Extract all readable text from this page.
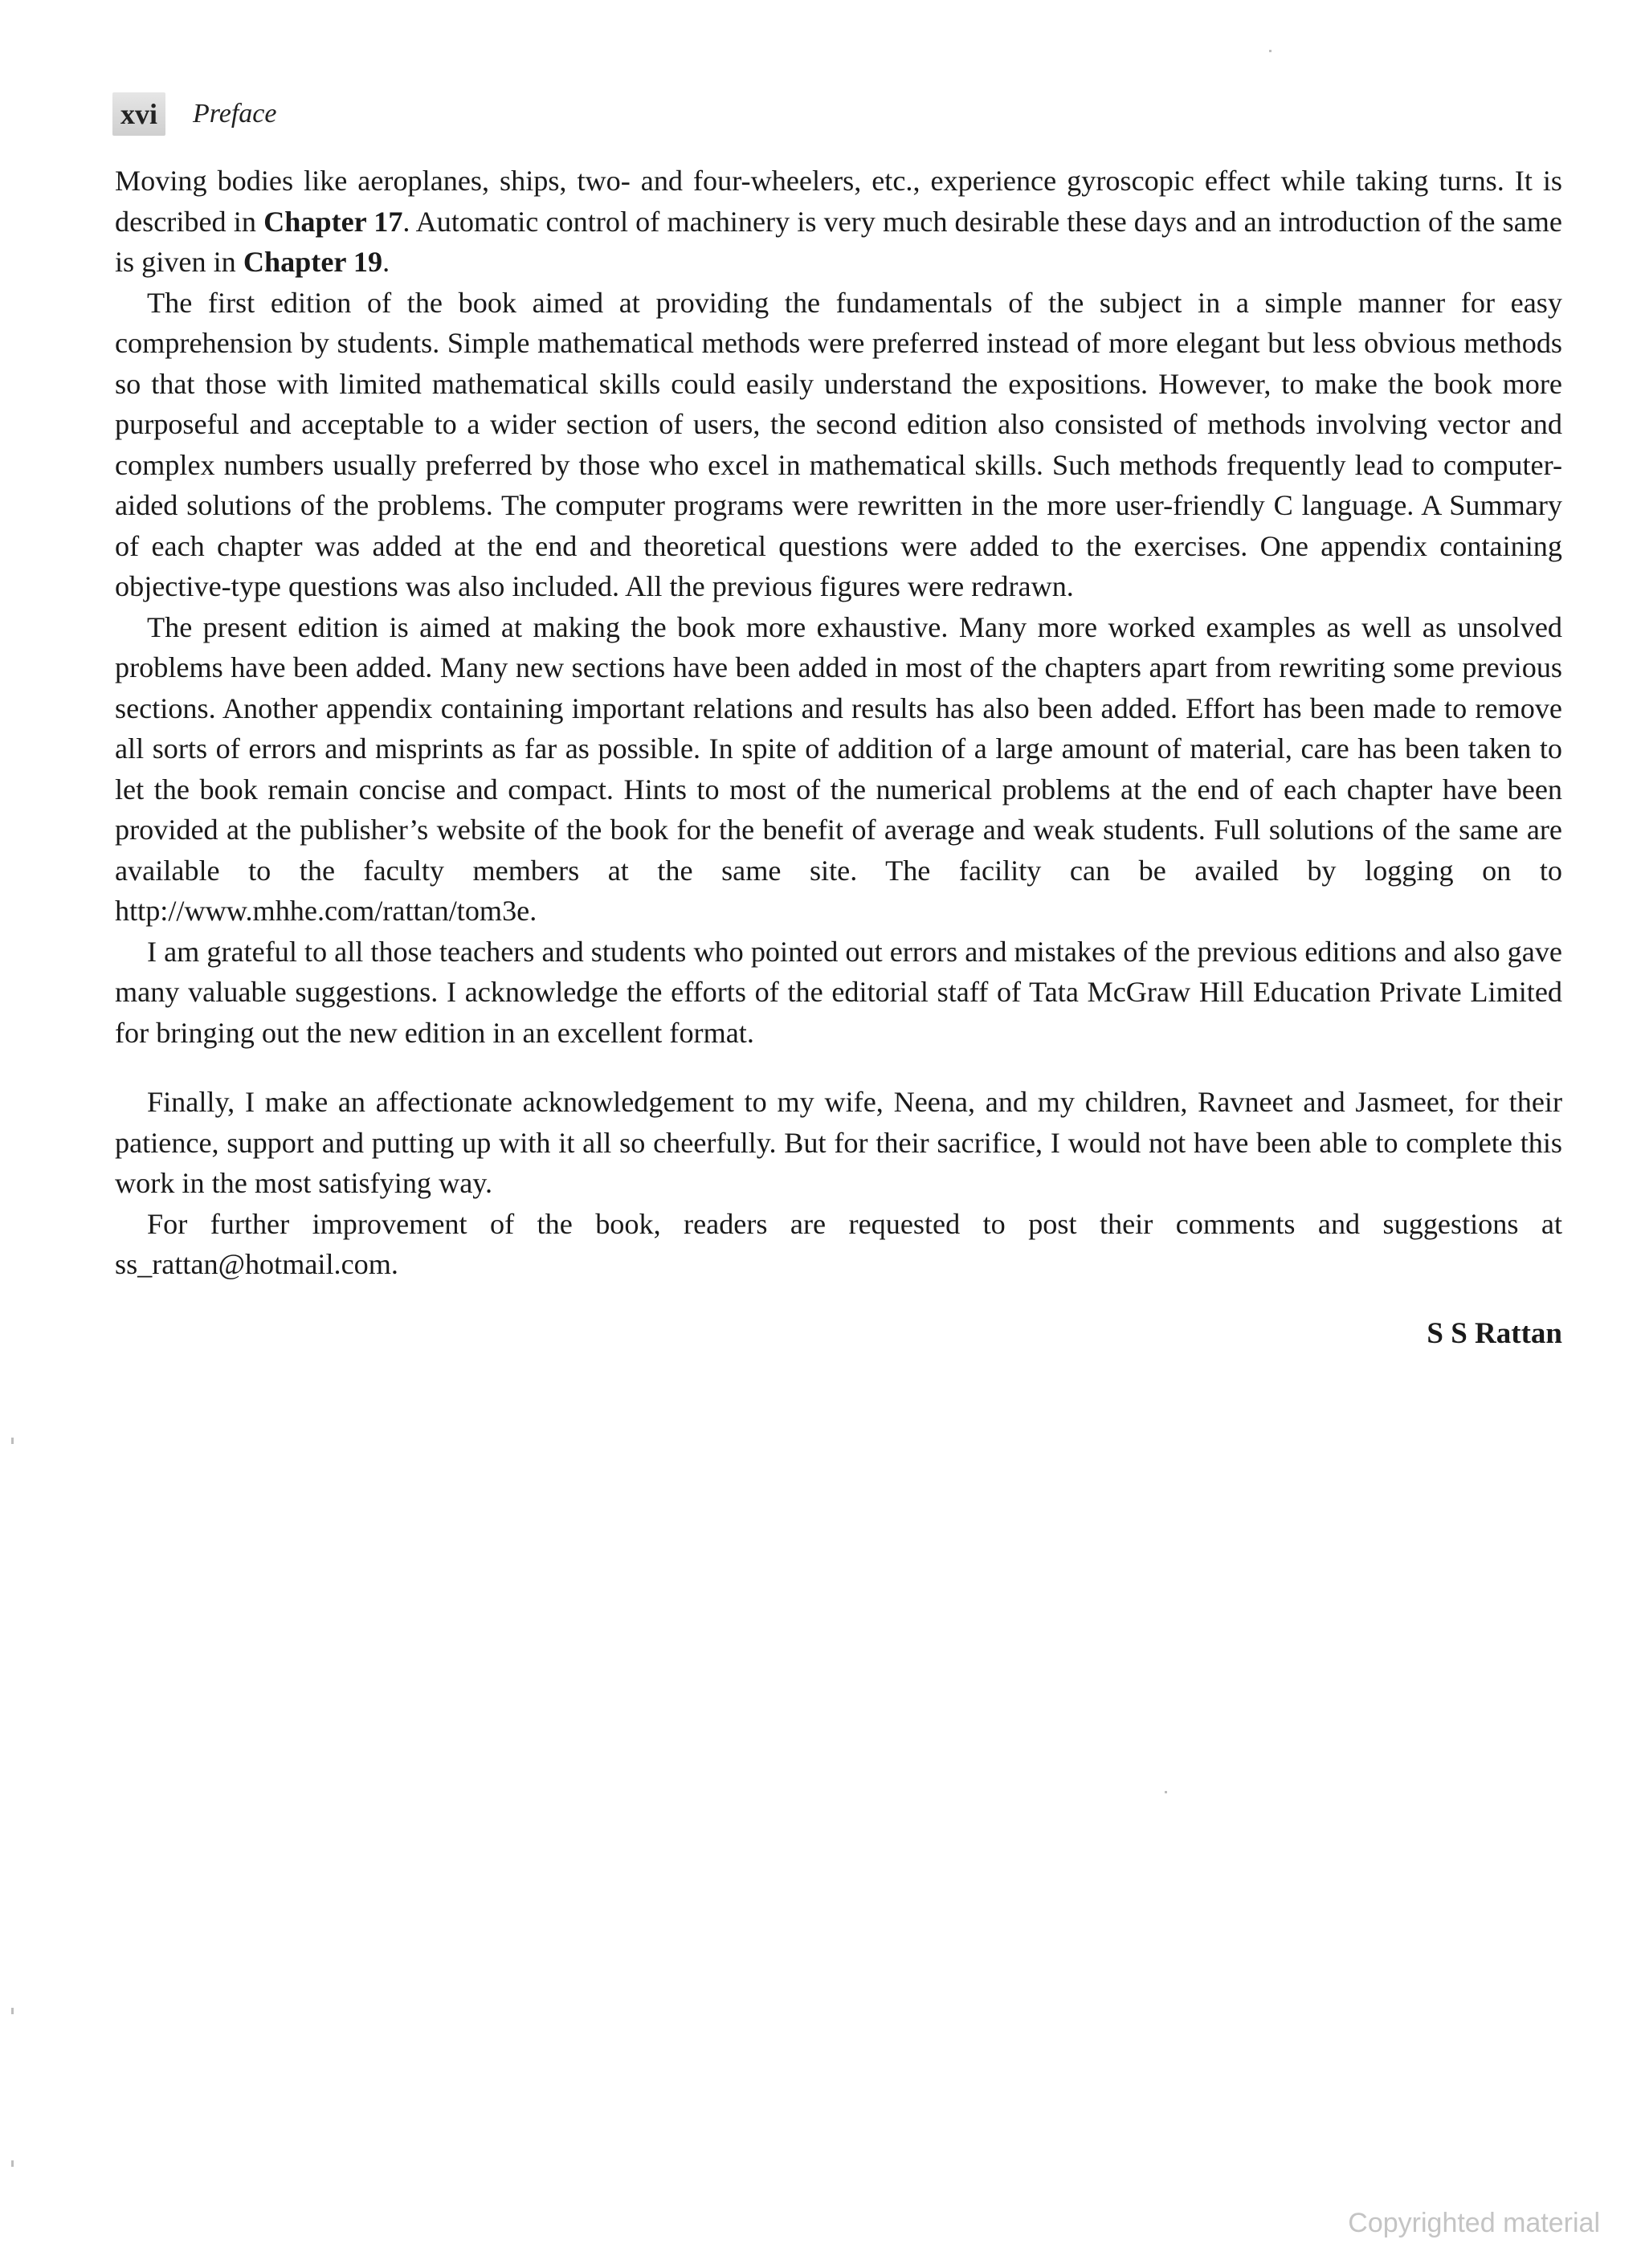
xvi Preface

Moving bodies like aeroplanes, ships, two- and four-wheelers, etc., experience gyroscopic effect while taking turns. It is described in Chapter 17. Automatic control of machinery is very much desirable these days and an introduction of the same is given in Chapter 19.

The first edition of the book aimed at providing the fundamentals of the subject in a simple manner for easy comprehension by students. Simple mathematical methods were preferred instead of more elegant but less obvious methods so that those with limited mathematical skills could easily understand the expositions. However, to make the book more purposeful and acceptable to a wider section of users, the second edition also consisted of methods involving vector and complex numbers usually preferred by those who excel in mathematical skills. Such methods frequently lead to computer-aided solutions of the problems. The computer programs were rewritten in the more user-friendly C language. A Summary of each chapter was added at the end and theoretical questions were added to the exercises. One appendix containing objective-type questions was also included. All the previous figures were redrawn.

The present edition is aimed at making the book more exhaustive. Many more worked examples as well as unsolved problems have been added. Many new sections have been added in most of the chapters apart from rewriting some previous sections. Another appendix containing important relations and results has also been added. Effort has been made to remove all sorts of errors and misprints as far as possible. In spite of addition of a large amount of material, care has been taken to let the book remain concise and compact. Hints to most of the numerical problems at the end of each chapter have been provided at the publisher’s website of the book for the benefit of average and weak students. Full solutions of the same are available to the faculty members at the same site. The facility can be availed by logging on to http://www.mhhe.com/rattan/tom3e.

I am grateful to all those teachers and students who pointed out errors and mistakes of the previous editions and also gave many valuable suggestions. I acknowledge the efforts of the editorial staff of Tata McGraw Hill Education Private Limited for bringing out the new edition in an excellent format.

Finally, I make an affectionate acknowledgement to my wife, Neena, and my children, Ravneet and Jasmeet, for their patience, support and putting up with it all so cheerfully. But for their sacrifice, I would not have been able to complete this work in the most satisfying way.

For further improvement of the book, readers are requested to post their comments and suggestions at ss_rattan@hotmail.com.

S S Rattan
Copyrighted material
